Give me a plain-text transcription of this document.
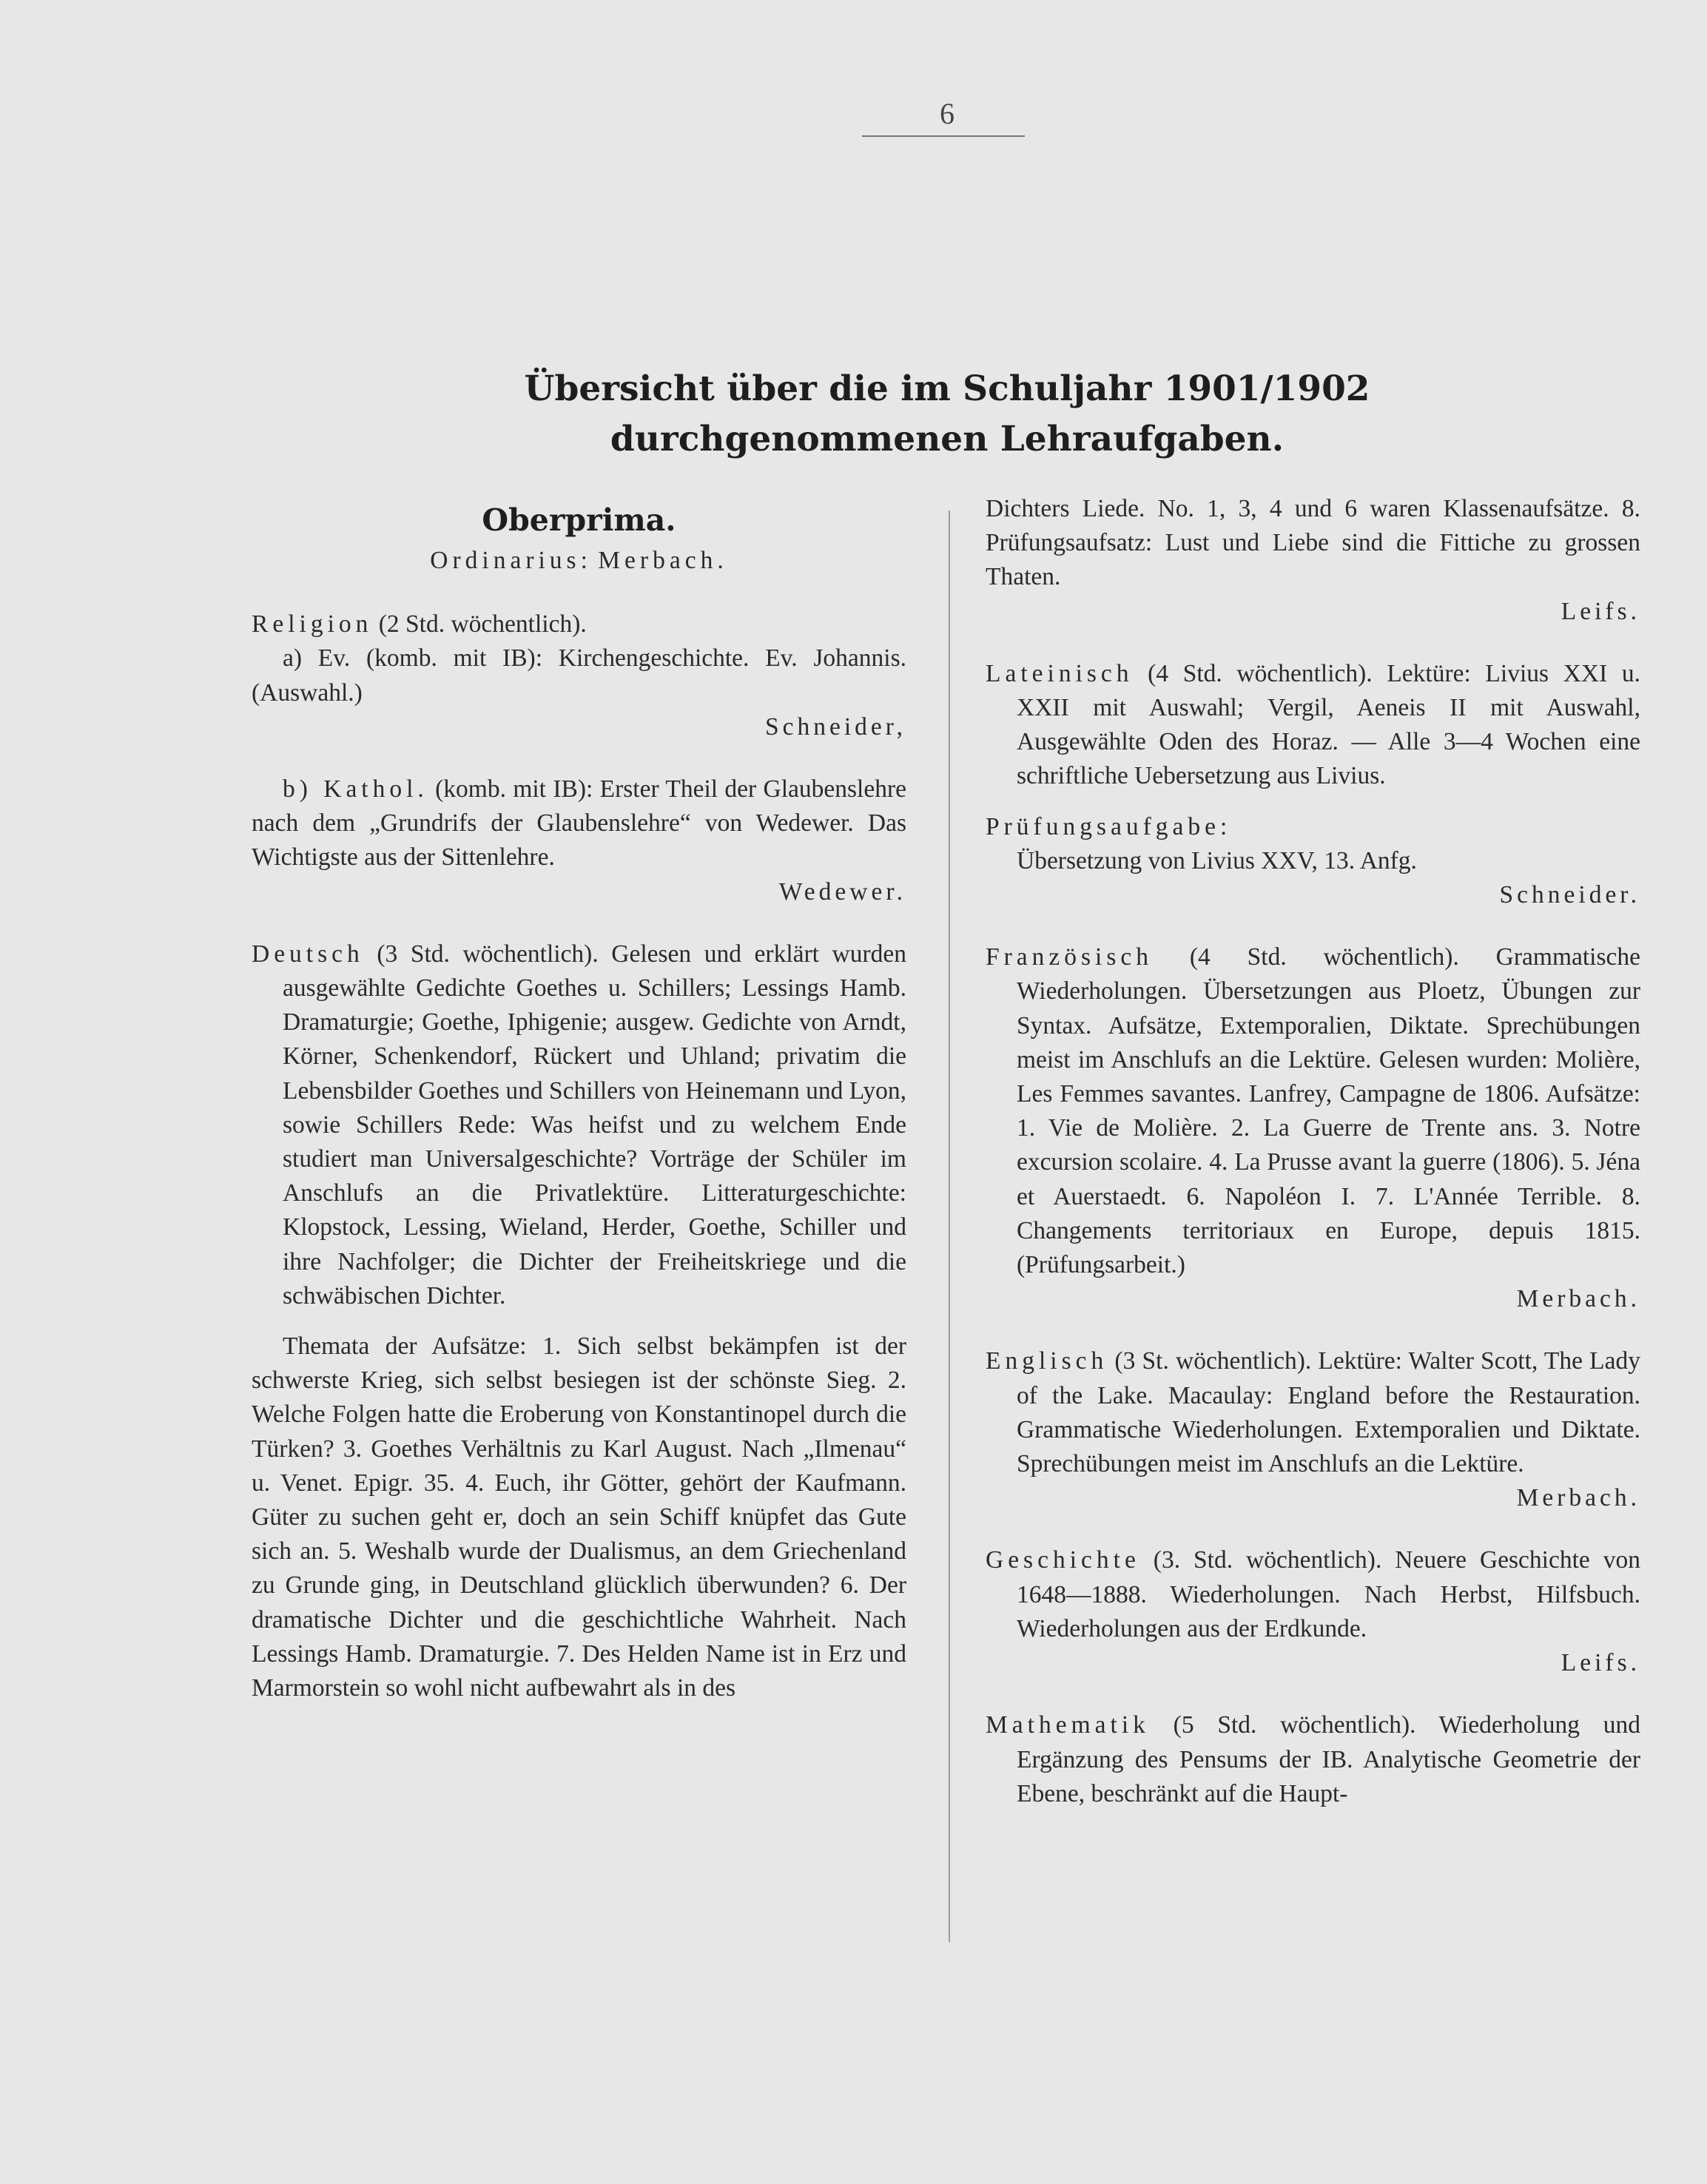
6
Übersicht über die im Schuljahr 1901/1902
durchgenommenen Lehraufgaben.
Oberprima.
Ordinarius: Merbach.

Religion (2 Std. wöchentlich).

a) Ev. (komb. mit IB): Kirchengeschichte. Ev. Johannis. (Auswahl.)

Schneider,

b) Kathol. (komb. mit IB): Erster Theil der Glaubenslehre nach dem „Grundrifs der Glaubenslehre“ von Wedewer. Das Wichtigste aus der Sittenlehre.

Wedewer.

Deutsch (3 Std. wöchentlich). Gelesen und erklärt wurden ausgewählte Gedichte Goethes u. Schillers; Lessings Hamb. Dramaturgie; Goethe, Iphigenie; ausgew. Gedichte von Arndt, Körner, Schenkendorf, Rückert und Uhland; privatim die Lebensbilder Goethes und Schillers von Heinemann und Lyon, sowie Schillers Rede: Was heifst und zu welchem Ende studiert man Universalgeschichte? Vorträge der Schüler im Anschlufs an die Privatlektüre. Litteraturgeschichte: Klopstock, Lessing, Wieland, Herder, Goethe, Schiller und ihre Nachfolger; die Dichter der Freiheitskriege und die schwäbischen Dichter.

Themata der Aufsätze: 1. Sich selbst bekämpfen ist der schwerste Krieg, sich selbst besiegen ist der schönste Sieg. 2. Welche Folgen hatte die Eroberung von Konstantinopel durch die Türken? 3. Goethes Verhältnis zu Karl August. Nach „Ilmenau“ u. Venet. Epigr. 35. 4. Euch, ihr Götter, gehört der Kaufmann. Güter zu suchen geht er, doch an sein Schiff knüpfet das Gute sich an. 5. Weshalb wurde der Dualismus, an dem Griechenland zu Grunde ging, in Deutschland glücklich überwunden? 6. Der dramatische Dichter und die geschichtliche Wahrheit. Nach Lessings Hamb. Dramaturgie. 7. Des Helden Name ist in Erz und Marmorstein so wohl nicht aufbewahrt als in des

Dichters Liede. No. 1, 3, 4 und 6 waren Klassenaufsätze. 8. Prüfungsaufsatz: Lust und Liebe sind die Fittiche zu grossen Thaten.

Leifs.

Lateinisch (4 Std. wöchentlich). Lektüre: Livius XXI u. XXII mit Auswahl; Vergil, Aeneis II mit Auswahl, Ausgewählte Oden des Horaz. — Alle 3—4 Wochen eine schriftliche Uebersetzung aus Livius.

Prüfungsaufgabe:

Übersetzung von Livius XXV, 13. Anfg.

Schneider.

Französisch (4 Std. wöchentlich). Grammatische Wiederholungen. Übersetzungen aus Ploetz, Übungen zur Syntax. Aufsätze, Extemporalien, Diktate. Sprechübungen meist im Anschlufs an die Lektüre. Gelesen wurden: Molière, Les Femmes savantes. Lanfrey, Campagne de 1806. Aufsätze: 1. Vie de Molière. 2. La Guerre de Trente ans. 3. Notre excursion scolaire. 4. La Prusse avant la guerre (1806). 5. Jéna et Auerstaedt. 6. Napoléon I. 7. L'Année Terrible. 8. Changements territoriaux en Europe, depuis 1815. (Prüfungsarbeit.)

Merbach.

Englisch (3 St. wöchentlich). Lektüre: Walter Scott, The Lady of the Lake. Macaulay: England before the Restauration. Grammatische Wiederholungen. Extemporalien und Diktate. Sprechübungen meist im Anschlufs an die Lektüre.

Merbach.

Geschichte (3. Std. wöchentlich). Neuere Geschichte von 1648—1888. Wiederholungen. Nach Herbst, Hilfsbuch. Wiederholungen aus der Erdkunde.

Leifs.

Mathematik (5 Std. wöchentlich). Wiederholung und Ergänzung des Pensums der IB. Analytische Geometrie der Ebene, beschränkt auf die Haupt-
